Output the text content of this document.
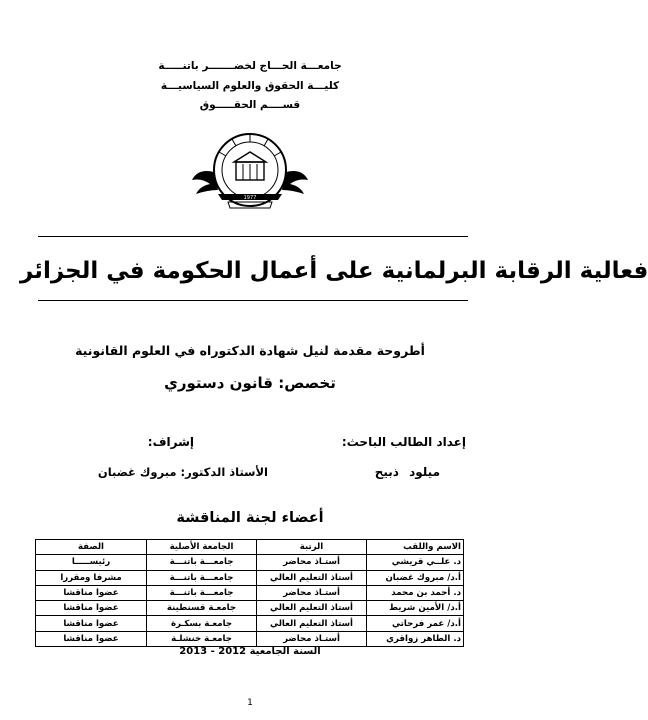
جامعـــة الحـــاج لخضـــــــر باتنـــــة
كليـــة الحقوق والعلوم السياسيـــة
قســــم الحقـــــوق
1977
فعالية الرقابة البرلمانية على أعمال الحكومة في الجزائر
أطروحة مقدمة لنيل شهادة الدكتوراه في العلوم القانونية
تخصص: قانون دستوري
إعداد الطالب الباحث:
إشراف:
ميلود ذبيح
الأستاذ الدكتور: مبروك غضبان
أعضاء لجنة المناقشة
الاسم واللقب	الرتبة	الجامعة الأصلية	الصفة
د. علــي قريشي	أستـاذ محاضر	جامعـــة باتنـــة	رئيســـــا
أ.د/ مبروك غضبان	أستاذ التعليم العالي	جامعـــة باتنـــة	مشرفا ومقررا
د. أحمد بن محمد	أستـاذ محاضر	جامعـــة باتنـــة	عضوا مناقشا
أ.د/ الأمين شريط	أستاذ التعليم العالي	جامعـة قسنطينة	عضوا مناقشا
أ.د/ عمر فرحاتي	أستاذ التعليم العالي	جامعـة بسكـرة	عضوا مناقشا
د. الطاهر زواقري	أستـاذ محاضر	جامعـة خنشلـة	عضوا مناقشا
السنة الجامعية 2012 - 2013
1
